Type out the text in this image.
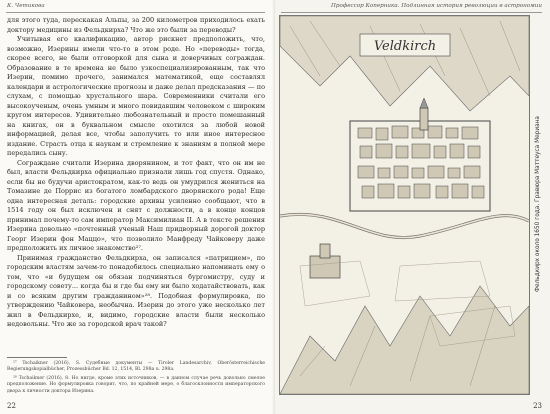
К. Четикова

для этого туда, перескакая Альпы, за 200 километров приходилось ехать доктору медицины из Фельдкирха? Что же это были за переводы?

Учитывая его квалификацию, автор рискнет предположить, что, возможно, Изерины имели что-то в этом роде. Но «переводы» тогда, скорее всего, не были отговоркой для сына и доверчивых сограждан. Образование в те времена не было узкоспециализированным, так что Изерин, помимо прочего, занимался математикой, еще составлял календари и астрологические прогнозы и даже делал предсказания — по слухам, с помощью хрустального шара. Современники считали его высокоученым, очень умным и много повидавшим человеком с широким кругом интересов. Удивительно любознательный и просто помешанный на книгах, он в буквальном смысле охотился за любой новой информацией, делая все, чтобы заполучить то или иное интересное издание. Страсть отца к наукам и стремление к знаниям в полной мере передались сыну.

Сограждане считали Изерина дворянином, и тот факт, что он им не был, власти Фельдкирха официально признали лишь год спустя. Однако, если бы не будучи аристократом, как-то ведь он умудрился жениться на Томазине де Поррис из богатого ломбардского дворянского рода! Еще одна интересная деталь: городские архивы усиленно сообщают, что в 1514 году он был исключен и снят с должности, а в конце концов принимал почему-то сам император Максимилиан II. А в тексте решения Изерина довольно «почтенный ученый Наш придворный дорогой доктор Георг Изерин фон Маццо», что позволило Манфреду Чайковеру даже предположить их личное знакомство²⁷.

Принимая гражданство Фельдкирха, он записался «патрицием», по городским властям зачем-то понадобилось специально напоминать ему о том, что «и будущем он обязан подчиняться бургомистру, суду и городскому совету... когда бы и где бы ему ни было ходатайствовать, как и со всяким другим гражданином»²⁸. Подобная формулировка, по утверждению Чайковера, необычна. Изерин до этого уже несколько лет жил в Фельдкирхе, и, видимо, городские власти были несколько недовольны. Что же за городской врач такой?

²⁷ Tschaikner (2016), S. Судебные документы — Tiroler Landesarchiv, Oberösterreichische Regierungskopialbücher, Prozessbücher Bd. 12, 1514, Bl. 298a u. 298a.

²⁸ Tschaikner (2016), 8. Но нигде, кроме этих источников, — в данном случае речь довольно смелое предположение. Но формулировка говорит, что, по крайней мере, о благосклонности императорского двора к личности доктора Изерина.

22
Профессор Коперника. Подлинная история революции в астрономии
Veldkirch
Фельдкирх около 1650 года. Гравюра Маттеуса Мериана
23
